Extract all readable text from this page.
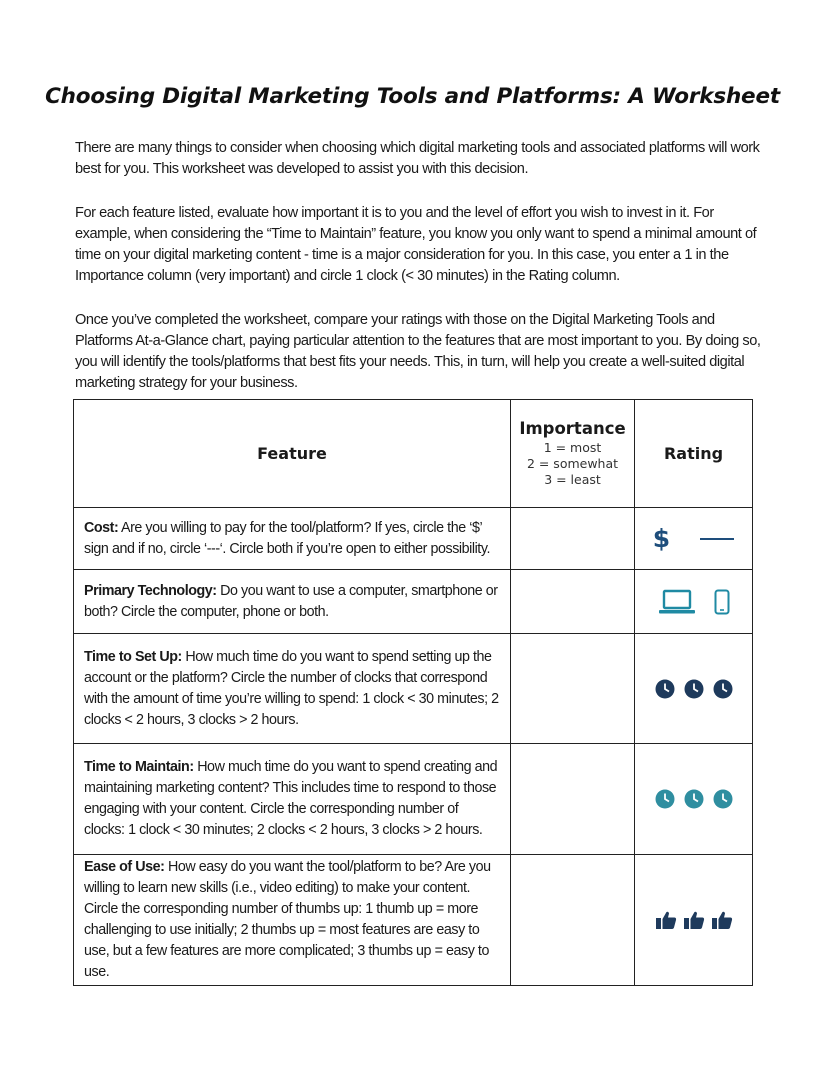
Choosing Digital Marketing Tools and Platforms: A Worksheet

There are many things to consider when choosing which digital marketing tools and associated platforms will work best for you. This worksheet was developed to assist you with this decision.

For each feature listed, evaluate how important it is to you and the level of effort you wish to invest in it. For example, when considering the “Time to Maintain” feature, you know you only want to spend a minimal amount of time on your digital marketing content - time is a major consideration for you. In this case, you enter a 1 in the Importance column (very important) and circle 1 clock (< 30 minutes) in the Rating column.

Once you’ve completed the worksheet, compare your ratings with those on the Digital Marketing Tools and Platforms At-a-Glance chart, paying particular attention to the features that are most important to you. By doing so, you will identify the tools/platforms that best fits your needs. This, in turn, will help you create a well-suited digital marketing strategy for your business.

Feature	Importance
1 = most
2 = somewhat
3 = least	Rating
Cost: Are you willing to pay for the tool/platform? If yes, circle the ‘$’ sign and if no, circle ‘---‘. Circle both if you’re open to either possibility.		$

Primary Technology: Do you want to use a computer, smartphone or both? Circle the computer, phone or both.		

Time to Set Up: How much time do you want to spend setting up the account or the platform? Circle the number of clocks that correspond with the amount of time you’re willing to spend: 1 clock < 30 minutes; 2 clocks < 2 hours, 3 clocks > 2 hours.		

Time to Maintain: How much time do you want to spend creating and maintaining marketing content? This includes time to respond to those engaging with your content. Circle the corresponding number of clocks: 1 clock < 30 minutes; 2 clocks < 2 hours, 3 clocks > 2 hours.		

Ease of Use: How easy do you want the tool/platform to be? Are you willing to learn new skills (i.e., video editing) to make your content. Circle the corresponding number of thumbs up: 1 thumb up = more challenging to use initially; 2 thumbs up = most features are easy to use, but a few features are more complicated; 3 thumbs up = easy to use.		
